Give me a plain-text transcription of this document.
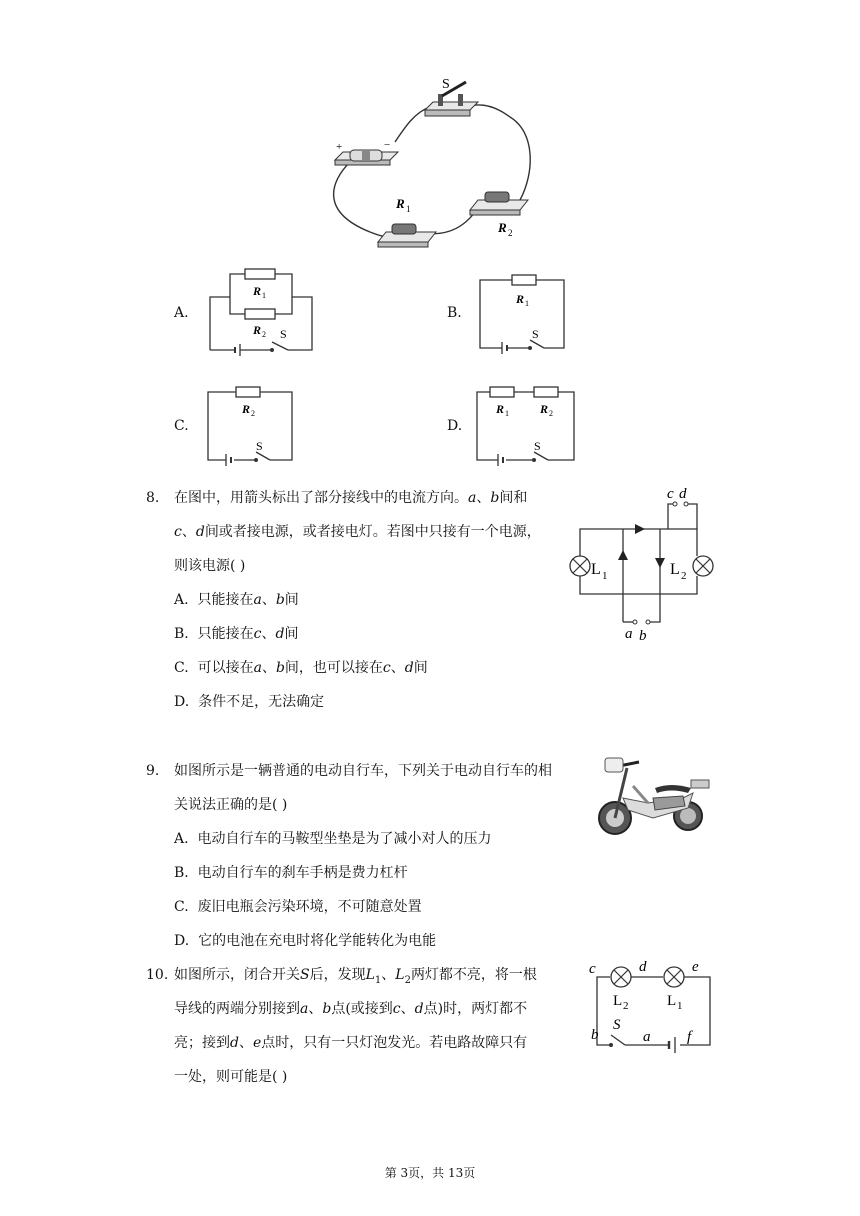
S
+	−
R 1
R 2
A.
R 1
R 2 S
B.
R 1
S
C.
R 2
S
D.
R 1	R 2
S
8. 在图中，用箭头标出了部分接线中的电流方向。a、b间和
c、d间或者接电源，或者接电灯。若图中只接有一个电源，
则该电源( )
A. 只能接在a、b间
B. 只能接在c、d间
C. 可以接在a、b间，也可以接在c、d间
D. 条件不足，无法确定
L 1	L 2
c d
a b
9. 如图所示是一辆普通的电动自行车，下列关于电动自行车的相
关说法正确的是( )
A. 电动自行车的马鞍型坐垫是为了减小对人的压力
B. 电动自行车的刹车手柄是费力杠杆
C. 废旧电瓶会污染环境，不可随意处置
D. 它的电池在充电时将化学能转化为电能
10. 如图所示，闭合开关S后，发现$L_1$、$L_2$两灯都不亮，将一根
导线的两端分别接到a、b点(或接到c、d点)时，两灯都不
亮；接到d、e点时，只有一只灯泡发光。若电路故障只有
一处，则可能是( )
c	d	e
L 2	L 1
b
S
a f
第 3页，共 13页
